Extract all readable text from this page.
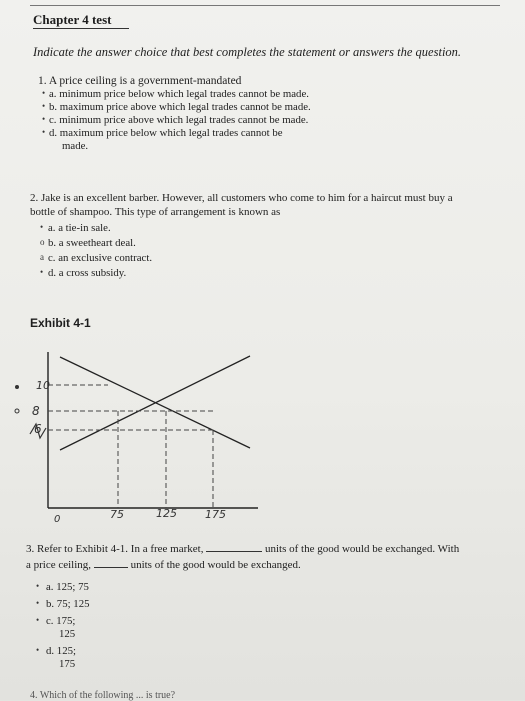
Chapter 4 test
Indicate the answer choice that best completes the statement or answers the question.
1. A price ceiling is a government-mandated
• a. minimum price below which legal trades cannot be made.
• b. maximum price above which legal trades cannot be made.
• c. minimum price above which legal trades cannot be made.
• d. maximum price below which legal trades cannot be
made.
2. Jake is an excellent barber. However, all customers who come to him for a haircut must buy a
bottle of shampoo. This type of arrangement is known as
• a. a tie-in sale.
o b. a sweetheart deal.
a c. an exclusive contract.
• d. a cross subsidy.
Exhibit 4-1
10
8
6
75	125	175
0
3. Refer to Exhibit 4-1. In a free market,	units of the good would be exchanged. With
a price ceiling,	units of the good would be exchanged.
• a. 125; 75
• b. 75; 125
• c. 175;
125
• d. 125;
175
4. Which of the following ... is true?
